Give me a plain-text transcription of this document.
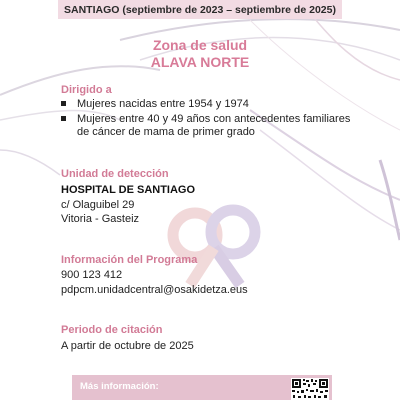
SANTIAGO (septiembre de 2023 – septiembre de 2025)
Zona de salud
ALAVA NORTE
Dirigido a
Mujeres nacidas entre 1954 y 1974
Mujeres entre 40 y 49 años con antecedentes familiares de cáncer de mama de primer grado
Unidad de detección
HOSPITAL DE SANTIAGO
c/ Olaguibel 29
Vitoria - Gasteiz
Información del Programa
900 123 412
pdpcm.unidadcentral@osakidetza.eus
Periodo de citación
A partir de octubre de 2025
Más información:
